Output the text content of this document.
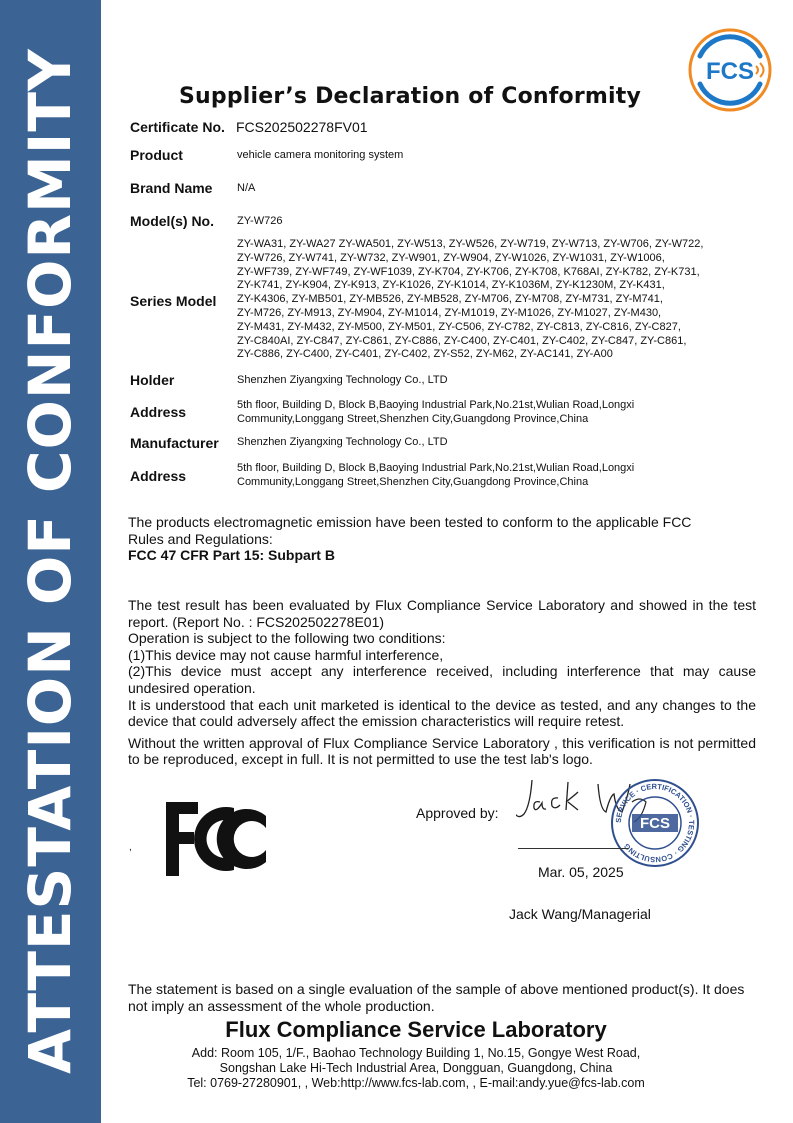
ATTESTATION OF CONFORMITY	FCS
Supplier’s Declaration of Conformity
Certificate No. FCS202502278FV01
Product	vehicle camera monitoring system
Brand Name N/A
Model(s) No. ZY-W726
Series Model
ZY-WA31, ZY-WA27 ZY-WA501, ZY-W513, ZY-W526, ZY-W719, ZY-W713, ZY-W706, ZY-W722,
ZY-W726, ZY-W741, ZY-W732, ZY-W901, ZY-W904, ZY-W1026, ZY-W1031, ZY-W1006,
ZY-WF739, ZY-WF749, ZY-WF1039, ZY-K704, ZY-K706, ZY-K708, K768AI, ZY-K782, ZY-K731,
ZY-K741, ZY-K904, ZY-K913, ZY-K1026, ZY-K1014, ZY-K1036M, ZY-K1230M, ZY-K431,
ZY-K4306, ZY-MB501, ZY-MB526, ZY-MB528, ZY-M706, ZY-M708, ZY-M731, ZY-M741,
ZY-M726, ZY-M913, ZY-M904, ZY-M1014, ZY-M1019, ZY-M1026, ZY-M1027, ZY-M430,
ZY-M431, ZY-M432, ZY-M500, ZY-M501, ZY-C506, ZY-C782, ZY-C813, ZY-C816, ZY-C827,
ZY-C840AI, ZY-C847, ZY-C861, ZY-C886, ZY-C400, ZY-C401, ZY-C402, ZY-C847, ZY-C861,
ZY-C886, ZY-C400, ZY-C401, ZY-C402, ZY-S52, ZY-M62, ZY-AC141, ZY-A00
Holder	Shenzhen Ziyangxing Technology Co., LTD
Address	5th floor, Building D, Block B,Baoying Industrial Park,No.21st,Wulian Road,Longxi
Community,Longgang Street,Shenzhen City,Guangdong Province,China
Manufacturer Shenzhen Ziyangxing Technology Co., LTD
Address	5th floor, Building D, Block B,Baoying Industrial Park,No.21st,Wulian Road,Longxi
Community,Longgang Street,Shenzhen City,Guangdong Province,China
The products electromagnetic emission have been tested to conform to the applicable FCC
Rules and Regulations:
FCC 47 CFR Part 15: Subpart B
The test result has been evaluated by Flux Compliance Service Laboratory and showed in the test report. (Report No. : FCS202502278E01)
Operation is subject to the following two conditions:
(1)This device may not cause harmful interference,
(2)This device must accept any interference received, including interference that may cause undesired operation.
It is understood that each unit marketed is identical to the device as tested, and any changes to the device that could adversely affect the emission characteristics will require retest.
Without the written approval of Flux Compliance Service Laboratory , this verification is not permitted to be reproduced, except in full. It is not permitted to use the test lab's logo.
,
Approved by:	SERVICE · CERTIFICATION · TESTING · CONSULTING
FCS
Mar. 05, 2025
Jack Wang/Managerial
The statement is based on a single evaluation of the sample of above mentioned product(s). It does not imply an assessment of the whole production.
Flux Compliance Service Laboratory
Add: Room 105, 1/F., Baohao Technology Building 1, No.15, Gongye West Road,
Songshan Lake Hi-Tech Industrial Area, Dongguan, Guangdong, China
Tel: 0769-27280901, , Web:http://www.fcs-lab.com, , E-mail:andy.yue@fcs-lab.com
